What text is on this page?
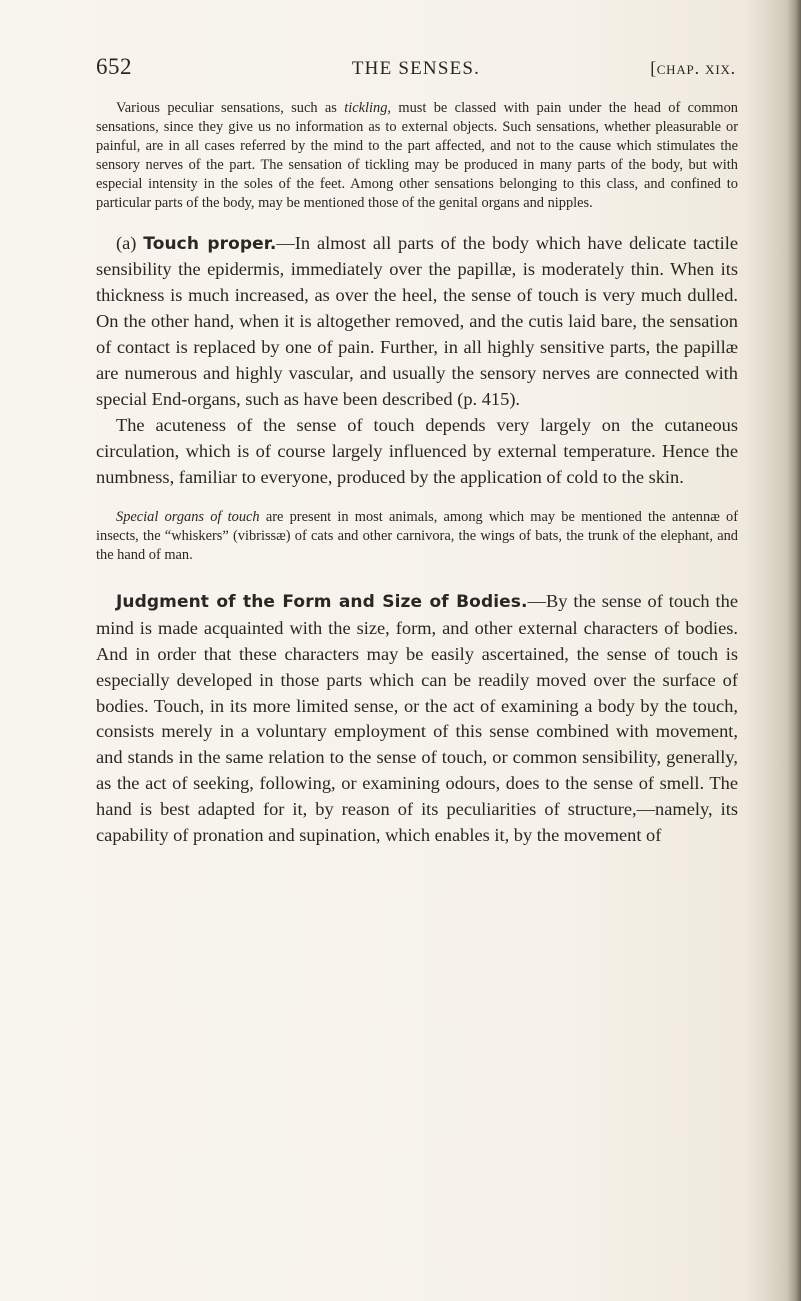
652	THE SENSES.	[chap. xix.

Various peculiar sensations, such as tickling, must be classed with pain under the head of common sensations, since they give us no information as to external objects. Such sensations, whether pleasurable or painful, are in all cases referred by the mind to the part affected, and not to the cause which stimulates the sensory nerves of the part. The sensation of tickling may be produced in many parts of the body, but with especial intensity in the soles of the feet. Among other sensations belonging to this class, and confined to particular parts of the body, may be mentioned those of the genital organs and nipples.

(a) Touch proper.—In almost all parts of the body which have delicate tactile sensibility the epidermis, immediately over the papillæ, is moderately thin. When its thickness is much increased, as over the heel, the sense of touch is very much dulled. On the other hand, when it is altogether removed, and the cutis laid bare, the sensation of contact is replaced by one of pain. Further, in all highly sensitive parts, the papillæ are numerous and highly vascular, and usually the sensory nerves are connected with special End-organs, such as have been described (p. 415).

The acuteness of the sense of touch depends very largely on the cutaneous circulation, which is of course largely influenced by external temperature. Hence the numbness, familiar to everyone, produced by the application of cold to the skin.

Special organs of touch are present in most animals, among which may be mentioned the antennæ of insects, the “whiskers” (vibrissæ) of cats and other carnivora, the wings of bats, the trunk of the elephant, and the hand of man.

Judgment of the Form and Size of Bodies.—By the sense of touch the mind is made acquainted with the size, form, and other external characters of bodies. And in order that these characters may be easily ascertained, the sense of touch is especially developed in those parts which can be readily moved over the surface of bodies. Touch, in its more limited sense, or the act of examining a body by the touch, consists merely in a voluntary employment of this sense combined with movement, and stands in the same relation to the sense of touch, or common sensibility, generally, as the act of seeking, following, or examining odours, does to the sense of smell. The hand is best adapted for it, by reason of its peculiarities of structure,—namely, its capability of pronation and supination, which enables it, by the movement of
